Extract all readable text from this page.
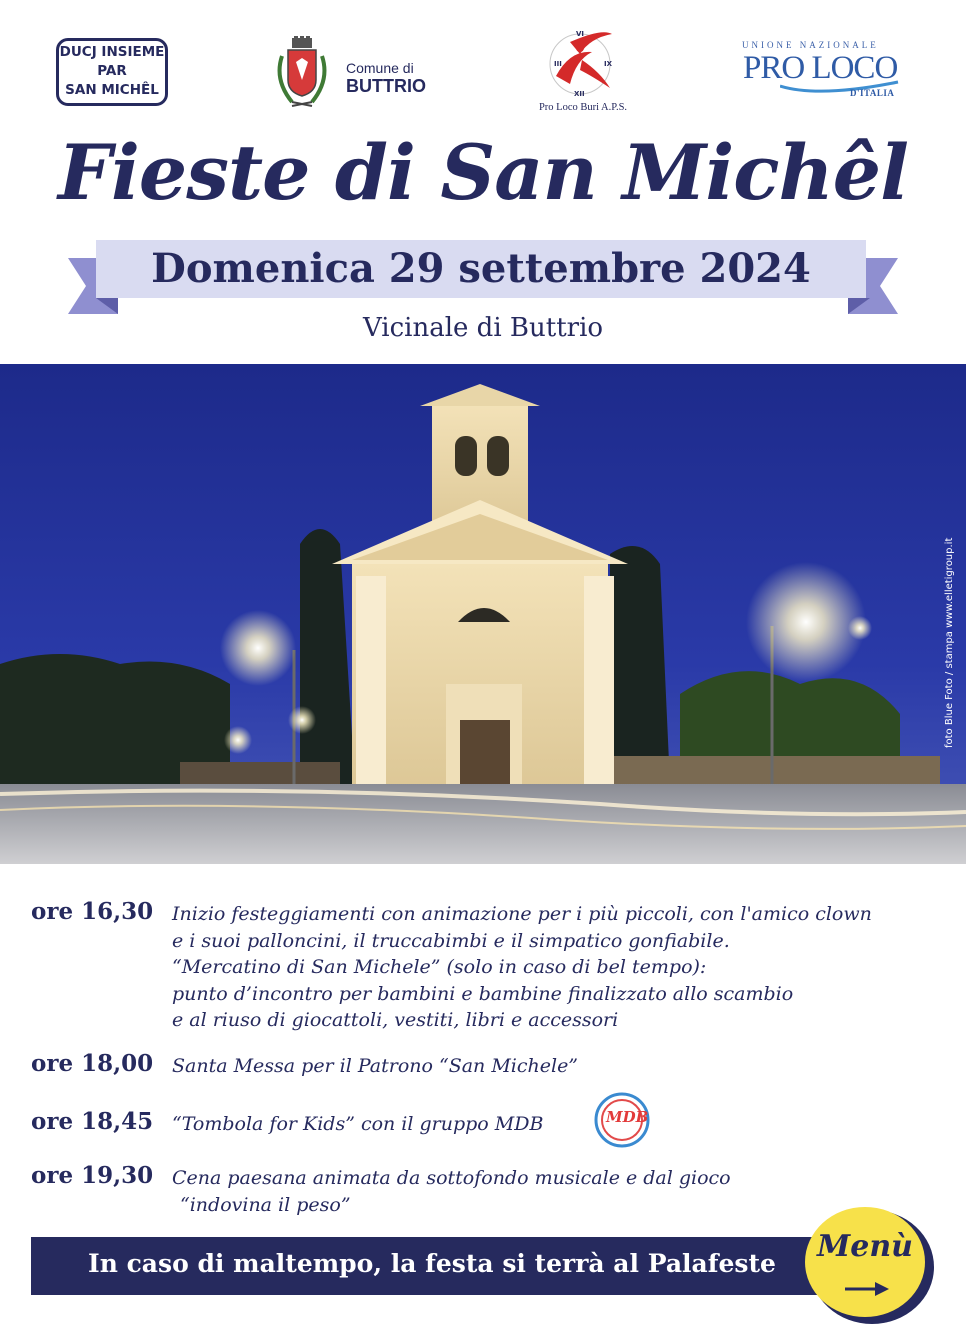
DUCJ INSIEME
PAR
SAN MICHÊL
Comune di
BUTTRIO
VI
III	IX
XII
Pro Loco Buri A.P.S.
UNIONE NAZIONALE
PRO LOCO
D'ITALIA
Fieste di San Michêl
Domenica 29 settembre 2024
Vicinale di Buttrio
foto Blue Foto / stampa www.elletigroup.it
ore 16,30 Inizio festeggiamenti con animazione per i più piccoli, con l'amico clown
e i suoi palloncini, il truccabimbi e il simpatico gonfiabile.
“Mercatino di San Michele” (solo in caso di bel tempo):
punto d’incontro per bambini e bambine finalizzato allo scambio
e al riuso di giocattoli, vestiti, libri e accessori
ore 18,00 Santa Messa per il Patrono “San Michele”
ore 18,45 “Tombola for Kids” con il gruppo MDB	MDB
ore 19,30 Cena paesana animata da sottofondo musicale e dal gioco
“indovina il peso”
In caso di maltempo, la festa si terrà al Palafeste	Menù
